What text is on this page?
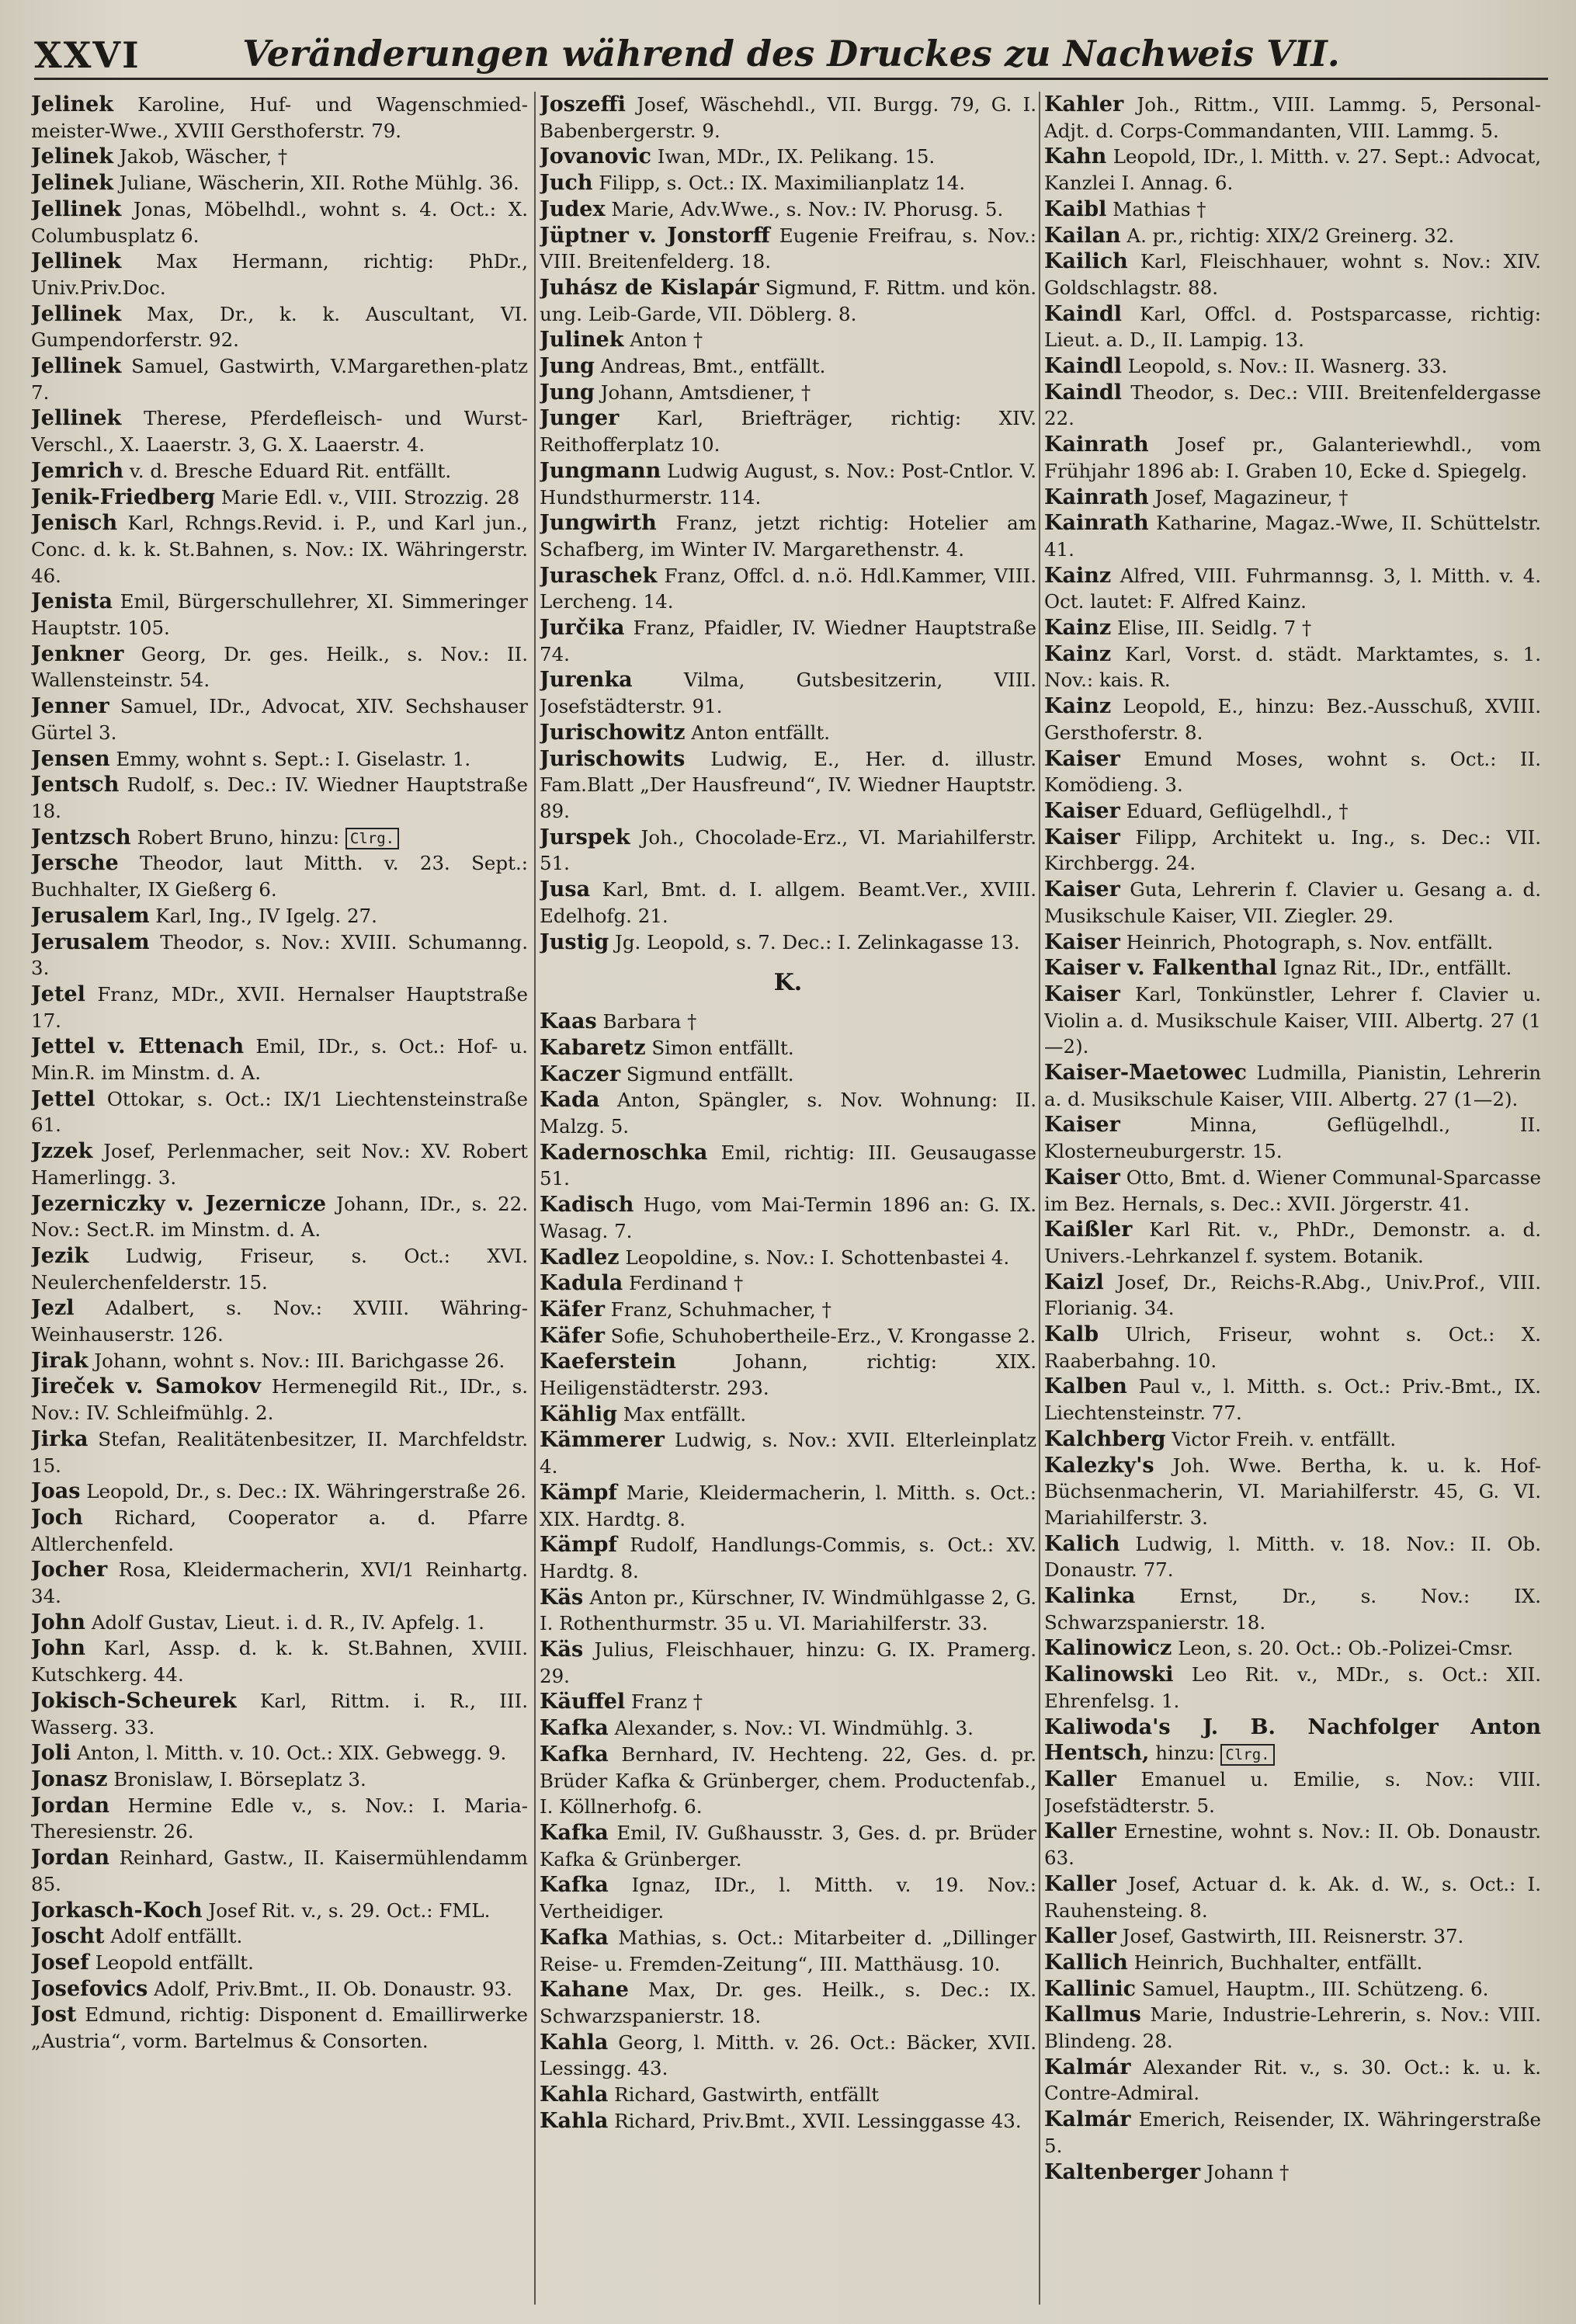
XXVI	Veränderungen während des Druckes zu Nachweis VII.

Jelinek Karoline, Huf- und Wagenschmied-meister-Wwe., XVIII Gersthoferstr. 79.

Jelinek Jakob, Wäscher, †

Jelinek Juliane, Wäscherin, XII. Rothe Mühlg. 36.

Jellinek Jonas, Möbelhdl., wohnt s. 4. Oct.: X. Columbusplatz 6.

Jellinek Max Hermann, richtig: PhDr., Univ.Priv.Doc.

Jellinek Max, Dr., k. k. Auscultant, VI. Gumpendorferstr. 92.

Jellinek Samuel, Gastwirth, V.Margarethen-platz 7.

Jellinek Therese, Pferdefleisch- und Wurst-Verschl., X. Laaerstr. 3, G. X. Laaerstr. 4.

Jemrich v. d. Bresche Eduard Rit. entfällt.

Jenik-Friedberg Marie Edl. v., VIII. Strozzig. 28

Jenisch Karl, Rchngs.Revid. i. P., und Karl jun., Conc. d. k. k. St.Bahnen, s. Nov.: IX. Währingerstr. 46.

Jenista Emil, Bürgerschullehrer, XI. Simmeringer Hauptstr. 105.

Jenkner Georg, Dr. ges. Heilk., s. Nov.: II. Wallensteinstr. 54.

Jenner Samuel, IDr., Advocat, XIV. Sechshauser Gürtel 3.

Jensen Emmy, wohnt s. Sept.: I. Giselastr. 1.

Jentsch Rudolf, s. Dec.: IV. Wiedner Hauptstraße 18.

Jentzsch Robert Bruno, hinzu: Clrg.

Jersche Theodor, laut Mitth. v. 23. Sept.: Buchhalter, IX Gießerg 6.

Jerusalem Karl, Ing., IV Igelg. 27.

Jerusalem Theodor, s. Nov.: XVIII. Schumanng. 3.

Jetel Franz, MDr., XVII. Hernalser Hauptstraße 17.

Jettel v. Ettenach Emil, IDr., s. Oct.: Hof- u. Min.R. im Minstm. d. A.

Jettel Ottokar, s. Oct.: IX/1 Liechtensteinstraße 61.

Jzzek Josef, Perlenmacher, seit Nov.: XV. Robert Hamerlingg. 3.

Jezerniczky v. Jezernicze Johann, IDr., s. 22. Nov.: Sect.R. im Minstm. d. A.

Jezik Ludwig, Friseur, s. Oct.: XVI. Neulerchenfelderstr. 15.

Jezl Adalbert, s. Nov.: XVIII. Währing-Weinhauserstr. 126.

Jirak Johann, wohnt s. Nov.: III. Barichgasse 26.

Jireček v. Samokov Hermenegild Rit., IDr., s. Nov.: IV. Schleifmühlg. 2.

Jirka Stefan, Realitätenbesitzer, II. Marchfeldstr. 15.

Joas Leopold, Dr., s. Dec.: IX. Währingerstraße 26.

Joch Richard, Cooperator a. d. Pfarre Altlerchenfeld.

Jocher Rosa, Kleidermacherin, XVI/1 Reinhartg. 34.

John Adolf Gustav, Lieut. i. d. R., IV. Apfelg. 1.

John Karl, Assp. d. k. k. St.Bahnen, XVIII. Kutschkerg. 44.

Jokisch-Scheurek Karl, Rittm. i. R., III. Wasserg. 33.

Joli Anton, l. Mitth. v. 10. Oct.: XIX. Gebwegg. 9.

Jonasz Bronislaw, I. Börseplatz 3.

Jordan Hermine Edle v., s. Nov.: I. Maria-Theresienstr. 26.

Jordan Reinhard, Gastw., II. Kaisermühlendamm 85.

Jorkasch-Koch Josef Rit. v., s. 29. Oct.: FML.

Joscht Adolf entfällt.

Josef Leopold entfällt.

Josefovics Adolf, Priv.Bmt., II. Ob. Donaustr. 93.

Jost Edmund, richtig: Disponent d. Emaillirwerke „Austria“, vorm. Bartelmus & Consorten.

Joszeffi Josef, Wäschehdl., VII. Burgg. 79, G. I. Babenbergerstr. 9.

Jovanovic Iwan, MDr., IX. Pelikang. 15.

Juch Filipp, s. Oct.: IX. Maximilianplatz 14.

Judex Marie, Adv.Wwe., s. Nov.: IV. Phorusg. 5.

Jüptner v. Jonstorff Eugenie Freifrau, s. Nov.: VIII. Breitenfelderg. 18.

Juhász de Kislapár Sigmund, F. Rittm. und kön. ung. Leib-Garde, VII. Döblerg. 8.

Julinek Anton †

Jung Andreas, Bmt., entfällt.

Jung Johann, Amtsdiener, †

Junger Karl, Briefträger, richtig: XIV. Reithofferplatz 10.

Jungmann Ludwig August, s. Nov.: Post-Cntlor. V. Hundsthurmerstr. 114.

Jungwirth Franz, jetzt richtig: Hotelier am Schafberg, im Winter IV. Margarethenstr. 4.

Juraschek Franz, Offcl. d. n.ö. Hdl.Kammer, VIII. Lercheng. 14.

Jurčika Franz, Pfaidler, IV. Wiedner Hauptstraße 74.

Jurenka Vilma, Gutsbesitzerin, VIII. Josefstädterstr. 91.

Jurischowitz Anton entfällt.

Jurischowits Ludwig, E., Her. d. illustr. Fam.Blatt „Der Hausfreund“, IV. Wiedner Hauptstr. 89.

Jurspek Joh., Chocolade-Erz., VI. Mariahilferstr. 51.

Jusa Karl, Bmt. d. I. allgem. Beamt.Ver., XVIII. Edelhofg. 21.

Justig Jg. Leopold, s. 7. Dec.: I. Zelinkagasse 13.

K.

Kaas Barbara †

Kabaretz Simon entfällt.

Kaczer Sigmund entfällt.

Kada Anton, Spängler, s. Nov. Wohnung: II. Malzg. 5.

Kadernoschka Emil, richtig: III. Geusaugasse 51.

Kadisch Hugo, vom Mai-Termin 1896 an: G. IX. Wasag. 7.

Kadlez Leopoldine, s. Nov.: I. Schottenbastei 4.

Kadula Ferdinand †

Käfer Franz, Schuhmacher, †

Käfer Sofie, Schuhobertheile-Erz., V. Krongasse 2.

Kaeferstein Johann, richtig: XIX. Heiligenstädterstr. 293.

Kählig Max entfällt.

Kämmerer Ludwig, s. Nov.: XVII. Elterleinplatz 4.

Kämpf Marie, Kleidermacherin, l. Mitth. s. Oct.: XIX. Hardtg. 8.

Kämpf Rudolf, Handlungs-Commis, s. Oct.: XV. Hardtg. 8.

Käs Anton pr., Kürschner, IV. Windmühlgasse 2, G. I. Rothenthurmstr. 35 u. VI. Mariahilferstr. 33.

Käs Julius, Fleischhauer, hinzu: G. IX. Pramerg. 29.

Käuffel Franz †

Kafka Alexander, s. Nov.: VI. Windmühlg. 3.

Kafka Bernhard, IV. Hechteng. 22, Ges. d. pr. Brüder Kafka & Grünberger, chem. Productenfab., I. Köllnerhofg. 6.

Kafka Emil, IV. Gußhausstr. 3, Ges. d. pr. Brüder Kafka & Grünberger.

Kafka Ignaz, IDr., l. Mitth. v. 19. Nov.: Vertheidiger.

Kafka Mathias, s. Oct.: Mitarbeiter d. „Dillinger Reise- u. Fremden-Zeitung“, III. Matthäusg. 10.

Kahane Max, Dr. ges. Heilk., s. Dec.: IX. Schwarzspanierstr. 18.

Kahla Georg, l. Mitth. v. 26. Oct.: Bäcker, XVII. Lessingg. 43.

Kahla Richard, Gastwirth, entfällt

Kahla Richard, Priv.Bmt., XVII. Lessinggasse 43.

Kahler Joh., Rittm., VIII. Lammg. 5, Personal-Adjt. d. Corps-Commandanten, VIII. Lammg. 5.

Kahn Leopold, IDr., l. Mitth. v. 27. Sept.: Advocat, Kanzlei I. Annag. 6.

Kaibl Mathias †

Kailan A. pr., richtig: XIX/2 Greinerg. 32.

Kailich Karl, Fleischhauer, wohnt s. Nov.: XIV. Goldschlagstr. 88.

Kaindl Karl, Offcl. d. Postsparcasse, richtig: Lieut. a. D., II. Lampig. 13.

Kaindl Leopold, s. Nov.: II. Wasnerg. 33.

Kaindl Theodor, s. Dec.: VIII. Breitenfeldergasse 22.

Kainrath Josef pr., Galanteriewhdl., vom Frühjahr 1896 ab: I. Graben 10, Ecke d. Spiegelg.

Kainrath Josef, Magazineur, †

Kainrath Katharine, Magaz.-Wwe, II. Schüttelstr. 41.

Kainz Alfred, VIII. Fuhrmannsg. 3, l. Mitth. v. 4. Oct. lautet: F. Alfred Kainz.

Kainz Elise, III. Seidlg. 7 †

Kainz Karl, Vorst. d. städt. Marktamtes, s. 1. Nov.: kais. R.

Kainz Leopold, E., hinzu: Bez.-Ausschuß, XVIII. Gersthoferstr. 8.

Kaiser Emund Moses, wohnt s. Oct.: II. Komödieng. 3.

Kaiser Eduard, Geflügelhdl., †

Kaiser Filipp, Architekt u. Ing., s. Dec.: VII. Kirchbergg. 24.

Kaiser Guta, Lehrerin f. Clavier u. Gesang a. d. Musikschule Kaiser, VII. Ziegler. 29.

Kaiser Heinrich, Photograph, s. Nov. entfällt.

Kaiser v. Falkenthal Ignaz Rit., IDr., entfällt.

Kaiser Karl, Tonkünstler, Lehrer f. Clavier u. Violin a. d. Musikschule Kaiser, VIII. Albertg. 27 (1—2).

Kaiser-Maetowec Ludmilla, Pianistin, Lehrerin a. d. Musikschule Kaiser, VIII. Albertg. 27 (1—2).

Kaiser Minna, Geflügelhdl., II. Klosterneuburgerstr. 15.

Kaiser Otto, Bmt. d. Wiener Communal-Sparcasse im Bez. Hernals, s. Dec.: XVII. Jörgerstr. 41.

Kaißler Karl Rit. v., PhDr., Demonstr. a. d. Univers.-Lehrkanzel f. system. Botanik.

Kaizl Josef, Dr., Reichs-R.Abg., Univ.Prof., VIII. Florianig. 34.

Kalb Ulrich, Friseur, wohnt s. Oct.: X. Raaberbahng. 10.

Kalben Paul v., l. Mitth. s. Oct.: Priv.-Bmt., IX. Liechtensteinstr. 77.

Kalchberg Victor Freih. v. entfällt.

Kalezky's Joh. Wwe. Bertha, k. u. k. Hof-Büchsenmacherin, VI. Mariahilferstr. 45, G. VI. Mariahilferstr. 3.

Kalich Ludwig, l. Mitth. v. 18. Nov.: II. Ob. Donaustr. 77.

Kalinka Ernst, Dr., s. Nov.: IX. Schwarzspanierstr. 18.

Kalinowicz Leon, s. 20. Oct.: Ob.-Polizei-Cmsr.

Kalinowski Leo Rit. v., MDr., s. Oct.: XII. Ehrenfelsg. 1.

Kaliwoda's J. B. Nachfolger Anton Hentsch, hinzu: Clrg.

Kaller Emanuel u. Emilie, s. Nov.: VIII. Josefstädterstr. 5.

Kaller Ernestine, wohnt s. Nov.: II. Ob. Donaustr. 63.

Kaller Josef, Actuar d. k. Ak. d. W., s. Oct.: I. Rauhensteing. 8.

Kaller Josef, Gastwirth, III. Reisnerstr. 37.

Kallich Heinrich, Buchhalter, entfällt.

Kallinic Samuel, Hauptm., III. Schützeng. 6.

Kallmus Marie, Industrie-Lehrerin, s. Nov.: VIII. Blindeng. 28.

Kalmár Alexander Rit. v., s. 30. Oct.: k. u. k. Contre-Admiral.

Kalmár Emerich, Reisender, IX. Währingerstraße 5.

Kaltenberger Johann †
